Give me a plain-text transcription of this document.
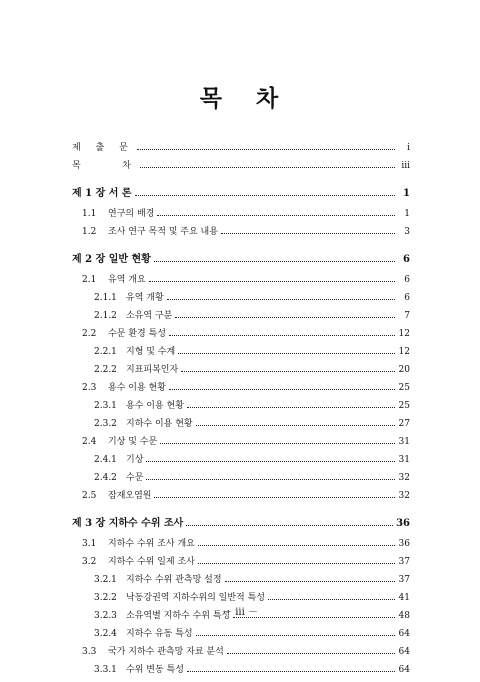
목 차
제 출 문	i
목    차	iii
제 1 장 서 론	1
1.1 연구의 배경	1
1.2 조사 연구 목적 및 주요 내용	3
제 2 장 일반 현황	6
2.1 유역 개요	6
2.1.1 유역 개황	6
2.1.2 소유역 구분	7
2.2 수문 환경 특성	12
2.2.1 지형 및 수계	12
2.2.2 지표피복인자	20
2.3 용수 이용 현황	25
2.3.1 용수 이용 현황	25
2.3.2 지하수 이용 현황	27
2.4 기상 및 수문	31
2.4.1 기상	31
2.4.2 수문	32
2.5 잠재오염원	32
제 3 장 지하수 수위 조사	36
3.1 지하수 수위 조사 개요	36
3.2 지하수 수위 일제 조사	37
3.2.1 지하수 수위 관측망 설정	37
3.2.2 낙동강권역 지하수위의 일반적 특성	41
3.2.3 소유역별 지하수 수위 특성	48
3.2.4 지하수 유동 특성	64
3.3 국가 지하수 관측망 자료 분석	64
3.3.1 수위 변동 특성	64
－ iii －
